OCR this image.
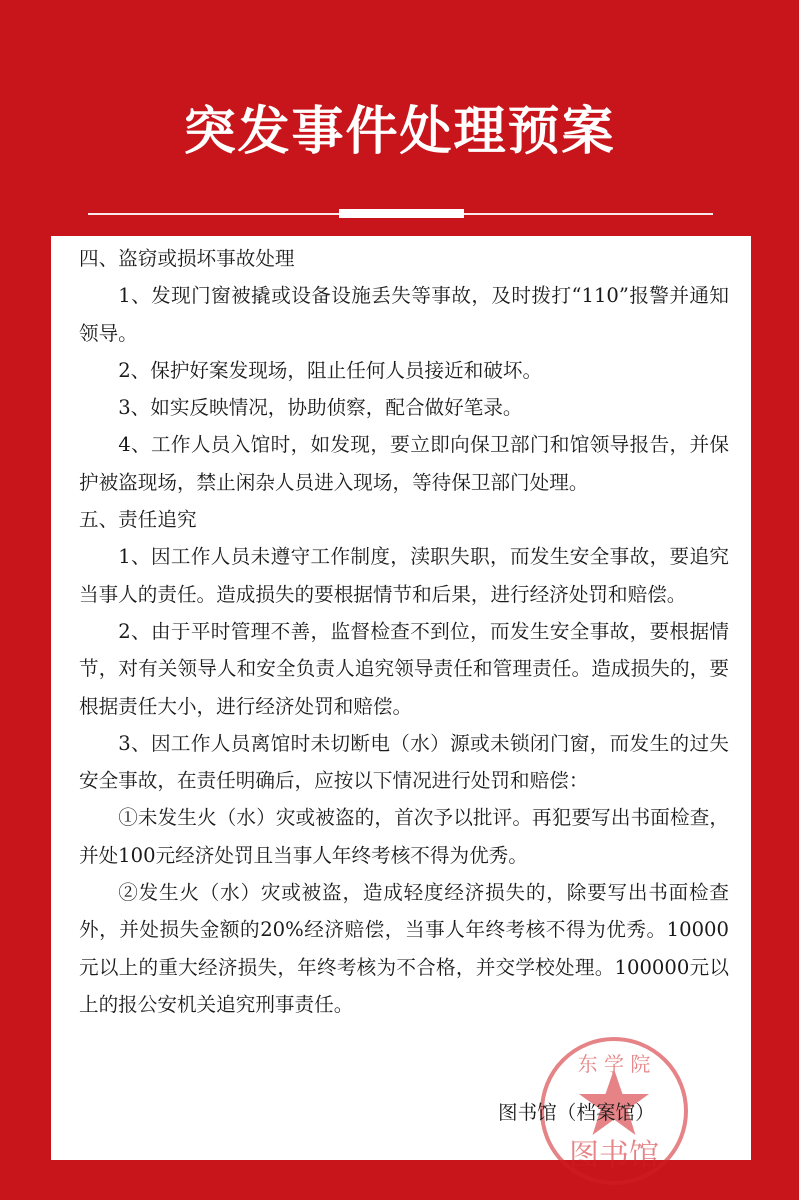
突发事件处理预案

四、盗窃或损坏事故处理

1、发现门窗被撬或设备设施丢失等事故，及时拨打“110”报警并通知领导。

2、保护好案发现场，阻止任何人员接近和破坏。

3、如实反映情况，协助侦察，配合做好笔录。

4、工作人员入馆时，如发现，要立即向保卫部门和馆领导报告，并保护被盗现场，禁止闲杂人员进入现场，等待保卫部门处理。

五、责任追究

1、因工作人员未遵守工作制度，渎职失职，而发生安全事故，要追究当事人的责任。造成损失的要根据情节和后果，进行经济处罚和赔偿。

2、由于平时管理不善，监督检查不到位，而发生安全事故，要根据情节，对有关领导人和安全负责人追究领导责任和管理责任。造成损失的，要根据责任大小，进行经济处罚和赔偿。

3、因工作人员离馆时未切断电（水）源或未锁闭门窗，而发生的过失安全事故，在责任明确后，应按以下情况进行处罚和赔偿：

①未发生火（水）灾或被盗的，首次予以批评。再犯要写出书面检查，并处100元经济处罚且当事人年终考核不得为优秀。

②发生火（水）灾或被盗，造成轻度经济损失的，除要写出书面检查外，并处损失金额的20%经济赔偿，当事人年终考核不得为优秀。10000元以上的重大经济损失，年终考核为不合格，并交学校处理。100000元以上的报公安机关追究刑事责任。

东 学 院
图书馆
图书馆（档案馆）
